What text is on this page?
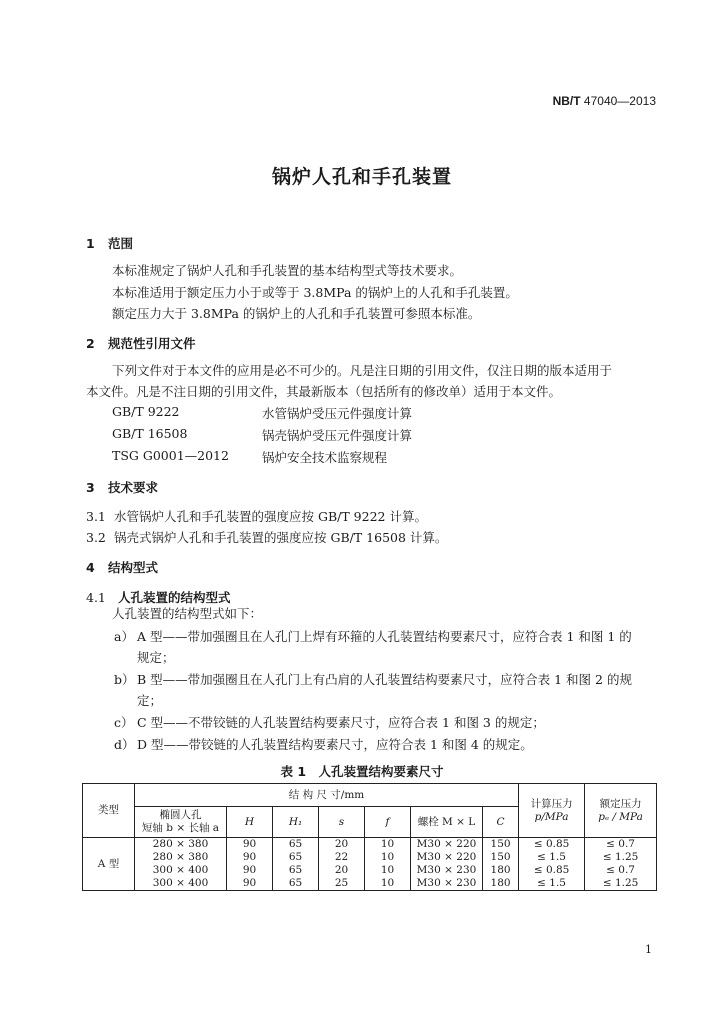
NB/T 47040—2013
锅炉人孔和手孔装置
1 范围
本标准规定了锅炉人孔和手孔装置的基本结构型式等技术要求。
本标准适用于额定压力小于或等于 3.8MPa 的锅炉上的人孔和手孔装置。
额定压力大于 3.8MPa 的锅炉上的人孔和手孔装置可参照本标准。
2 规范性引用文件
下列文件对于本文件的应用是必不可少的。凡是注日期的引用文件，仅注日期的版本适用于
本文件。凡是不注日期的引用文件，其最新版本（包括所有的修改单）适用于本文件。
GB/T 9222	水管锅炉受压元件强度计算
GB/T 16508	锅壳锅炉受压元件强度计算
TSG G0001—2012	锅炉安全技术监察规程
3 技术要求
3.1 水管锅炉人孔和手孔装置的强度应按 GB/T 9222 计算。
3.2 锅壳式锅炉人孔和手孔装置的强度应按 GB/T 16508 计算。
4 结构型式
4.1 人孔装置的结构型式
人孔装置的结构型式如下：
a） A 型——带加强圈且在人孔门上焊有环箍的人孔装置结构要素尺寸，应符合表 1 和图 1 的
规定；
b） B 型——带加强圈且在人孔门上有凸肩的人孔装置结构要素尺寸，应符合表 1 和图 2 的规
定；
c） C 型——不带铰链的人孔装置结构要素尺寸，应符合表 1 和图 3 的规定；
d） D 型——带铰链的人孔装置结构要素尺寸，应符合表 1 和图 4 的规定。
表 1　人孔装置结构要素尺寸
类型	结 构 尺 寸/mm							计算压力
p/MPa	额定压力
pₑ / MPa
	椭圆人孔
短轴 b × 长轴 a	H	H₁	s	f	螺栓 M × L	C		
A 型	280 × 380	90	65	20	10	M30 × 220	150	≤ 0.85	≤ 0.7
	280 × 380	90	65	22	10	M30 × 220	150	≤ 1.5	≤ 1.25
	300 × 400	90	65	20	10	M30 × 230	180	≤ 0.85	≤ 0.7
	300 × 400	90	65	25	10	M30 × 230	180	≤ 1.5	≤ 1.25
1
